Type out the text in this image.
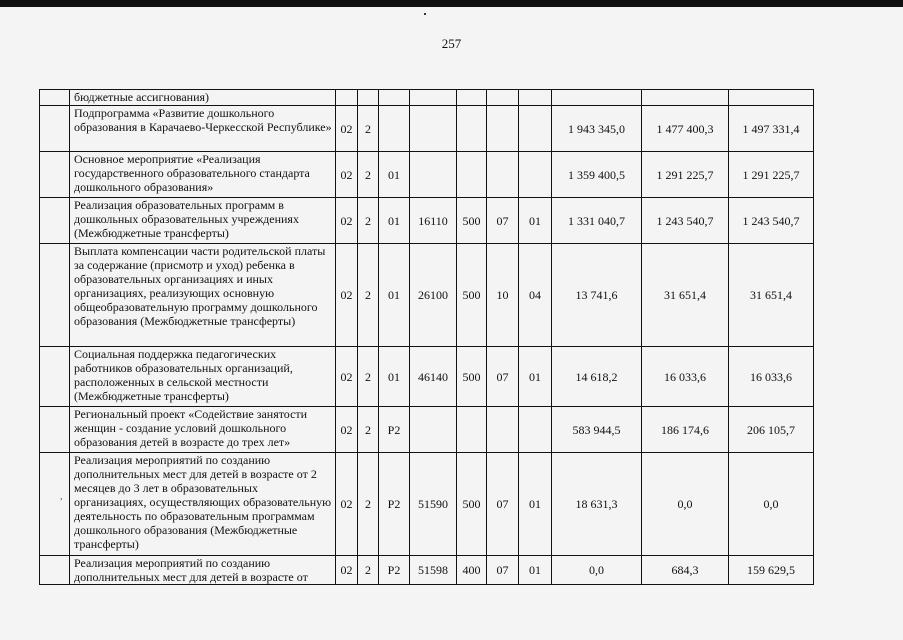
257
,
	бюджетные ассигнования)										
	Подпрограмма «Развитие дошкольного образования в Карачаево-Черкесской Республике»	02	2						1 943 345,0	1 477 400,3	1 497 331,4
	Основное мероприятие «Реализация государственного образовательного стандарта дошкольного образования»	02	2	01					1 359 400,5	1 291 225,7	1 291 225,7
	Реализация образовательных программ в дошкольных образовательных учреждениях (Межбюджетные трансферты)	02	2	01	16110	500	07	01	1 331 040,7	1 243 540,7	1 243 540,7
	Выплата компенсации части родительской платы за содержание (присмотр и уход) ребенка в образовательных организациях и иных организациях, реализующих основную общеобразовательную программу дошкольного образования (Межбюджетные трансферты)	02	2	01	26100	500	10	04	13 741,6	31 651,4	31 651,4
	Социальная поддержка педагогических работников образовательных организаций, расположенных в сельской местности (Межбюджетные трансферты)	02	2	01	46140	500	07	01	14 618,2	16 033,6	16 033,6
	Региональный проект «Содействие занятости женщин - создание условий дошкольного образования детей в возрасте до трех лет»	02	2	P2					583 944,5	186 174,6	206 105,7
	Реализация мероприятий по созданию дополнительных мест для детей в возрасте от 2 месяцев до 3 лет в образовательных организациях, осуществляющих образовательную деятельность по образовательным программам дошкольного образования (Межбюджетные трансферты)	02	2	P2	51590	500	07	01	18 631,3	0,0	0,0
	Реализация мероприятий по созданию дополнительных мест для детей в возрасте от	02	2	P2	51598	400	07	01	0,0	684,3	159 629,5
